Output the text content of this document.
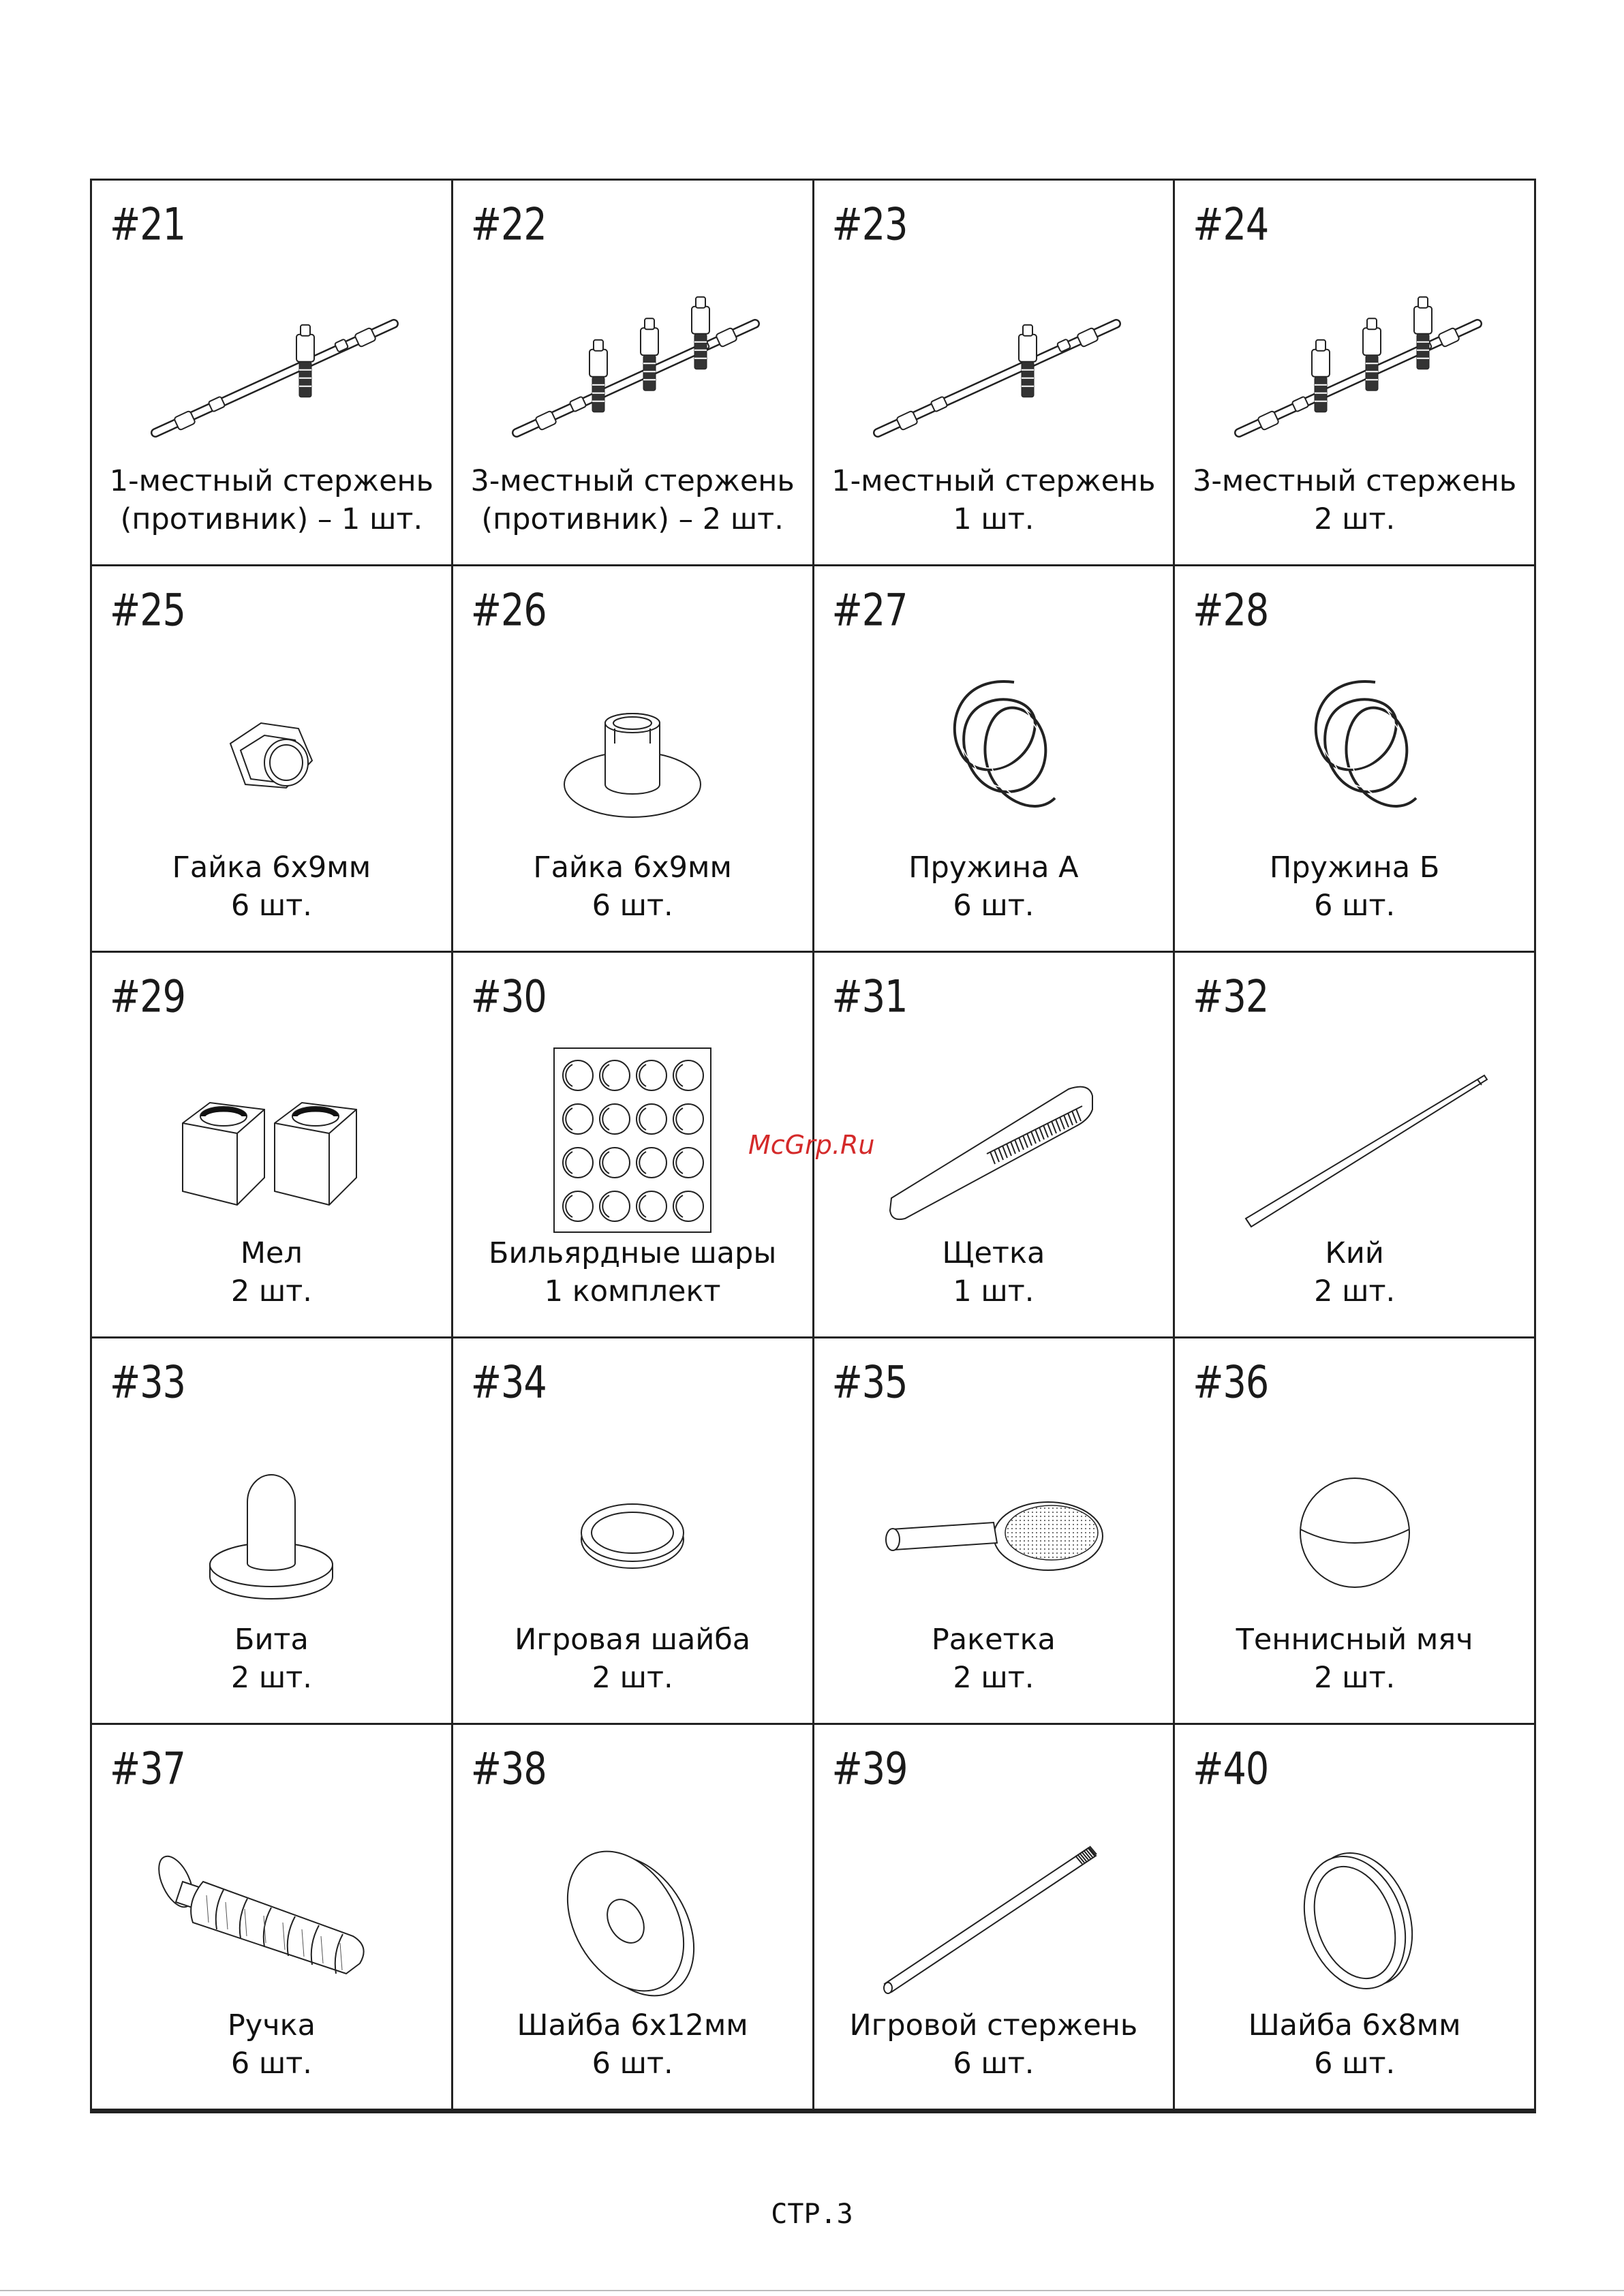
#21
1-местный стержень
(противник) – 1 шт.
#22
3-местный стержень
(противник) – 2 шт.
#23
1-местный стержень
1 шт.
#24
3-местный стержень
2 шт.
#25
Гайка 6х9мм
6 шт.
#26
Гайка 6х9мм
6 шт.
#27
Пружина А
6 шт.
#28
Пружина Б
6 шт.
#29
Мел
2 шт.
#30
Бильярдные шары
1 комплект
#31
Щетка
1 шт.
#32
Кий
2 шт.
#33
Бита
2 шт.
#34
Игровая шайба
2 шт.
#35
Ракетка
2 шт.
#36
Теннисный мяч
2 шт.
#37
Ручка
6 шт.
#38
Шайба 6х12мм
6 шт.
#39
Игровой стержень
6 шт.
#40
Шайба 6х8мм
6 шт.
McGrp.Ru
СТР.3
